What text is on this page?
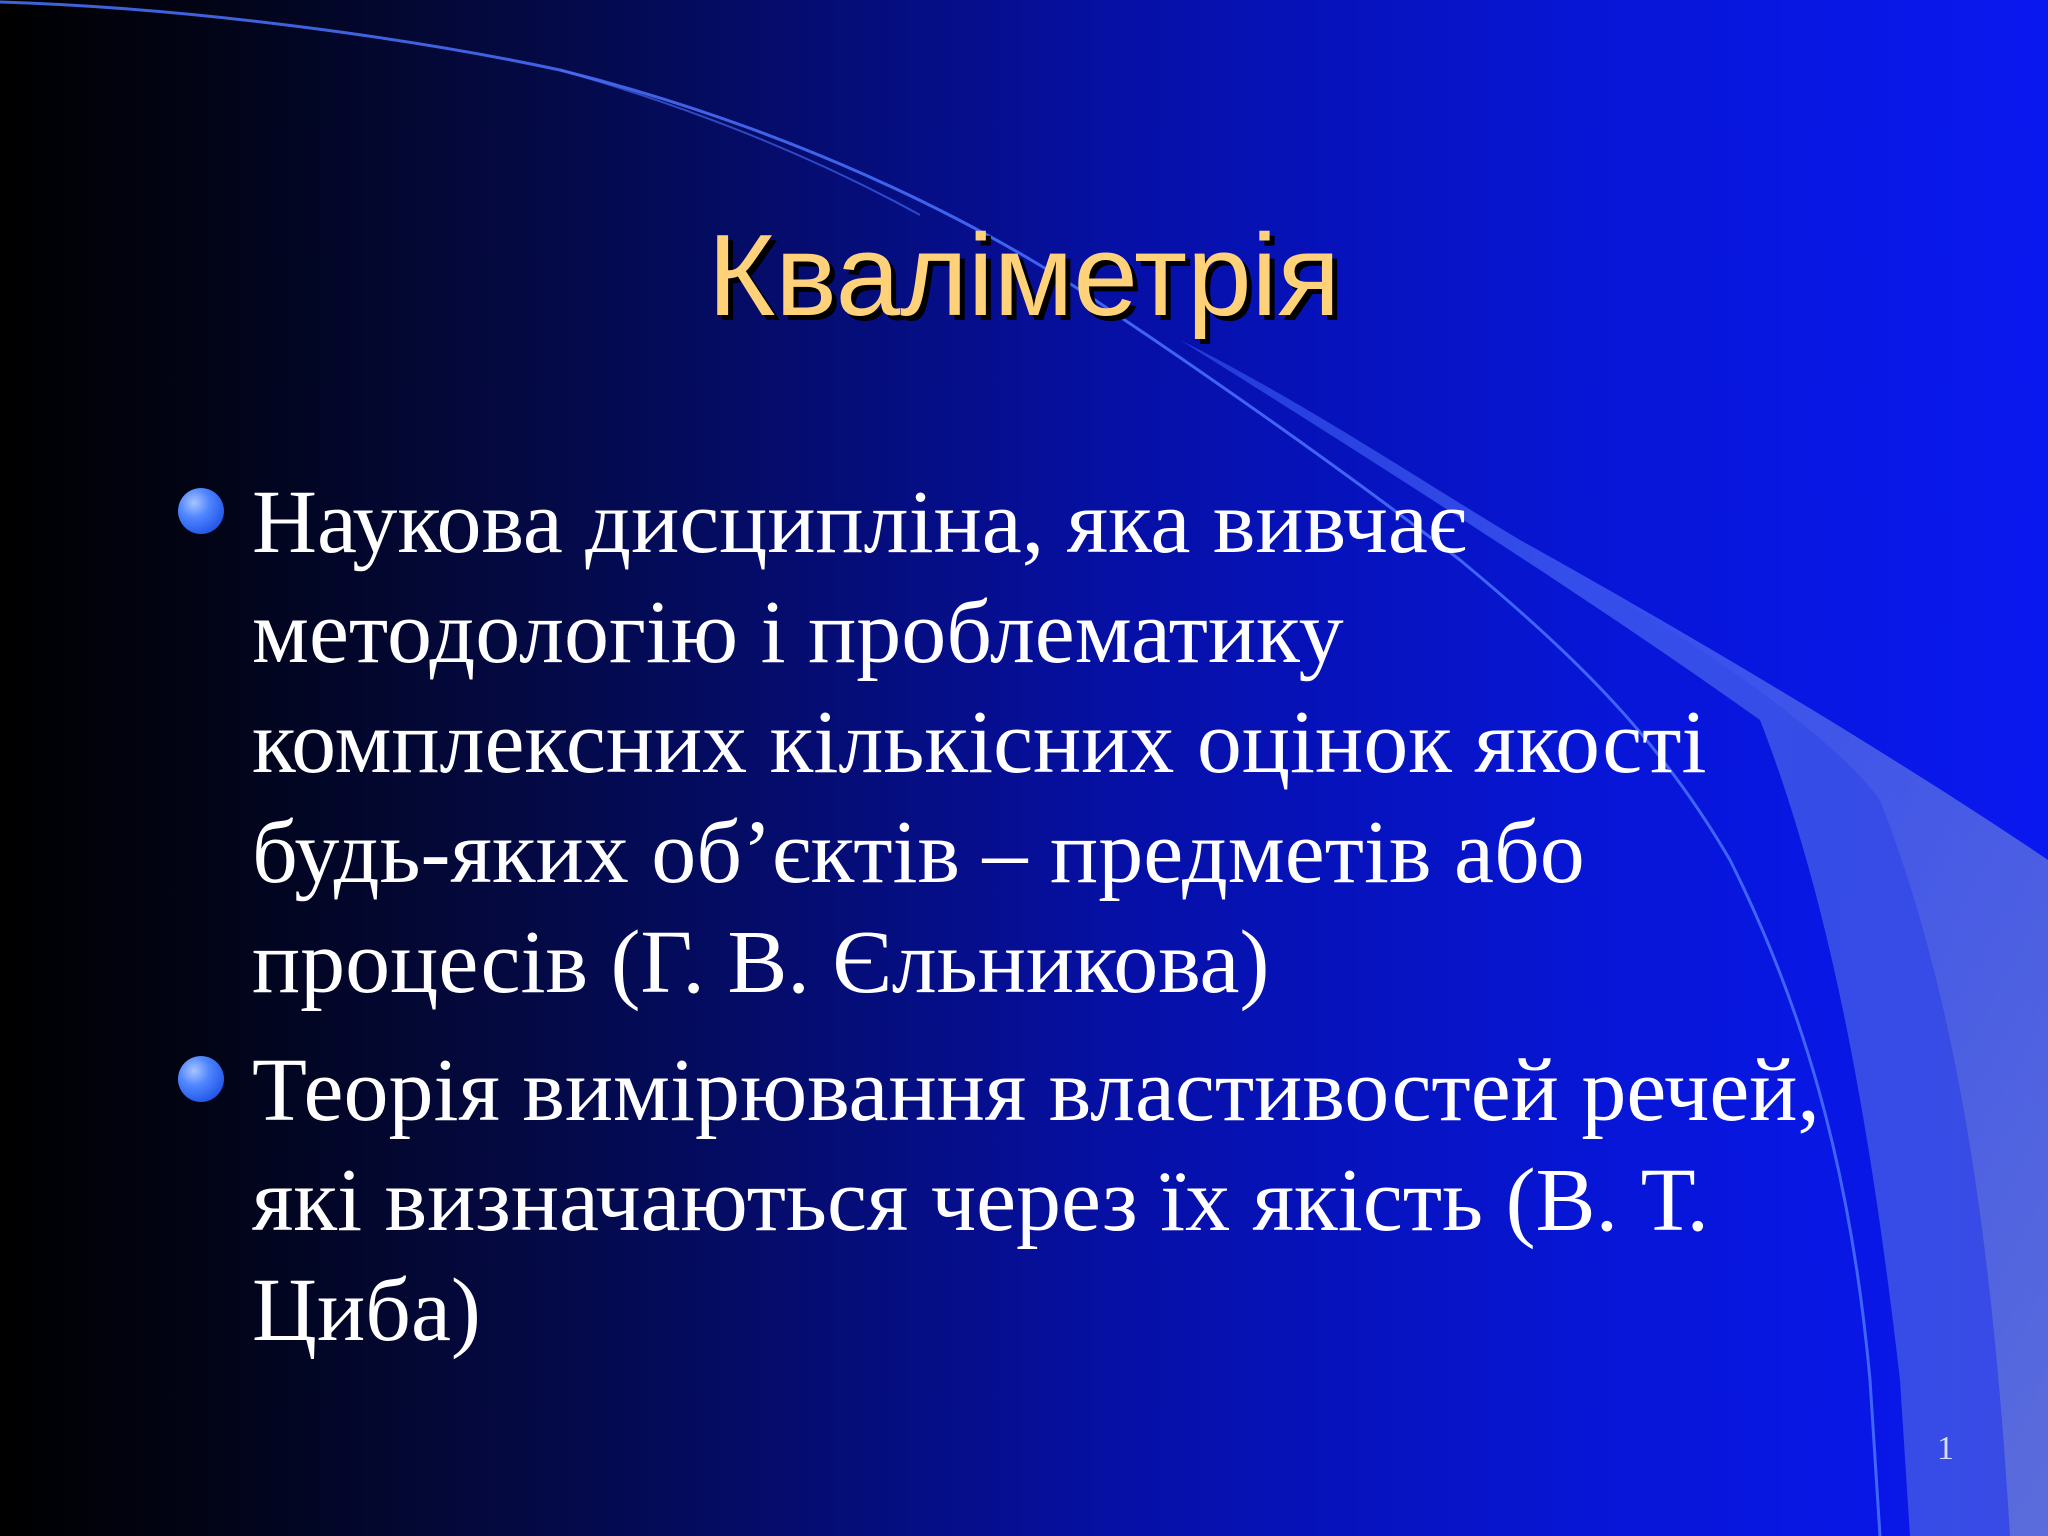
Кваліметрія

Наукова дисципліна, яка вивчає
методологію і проблематику
комплексних кількісних оцінок якості
будь-яких об’єктів – предметів або
процесів (Г. В. Єльникова)

Теорія вимірювання властивостей речей,
які визначаються через їх якість (В. Т.
Циба)

1
